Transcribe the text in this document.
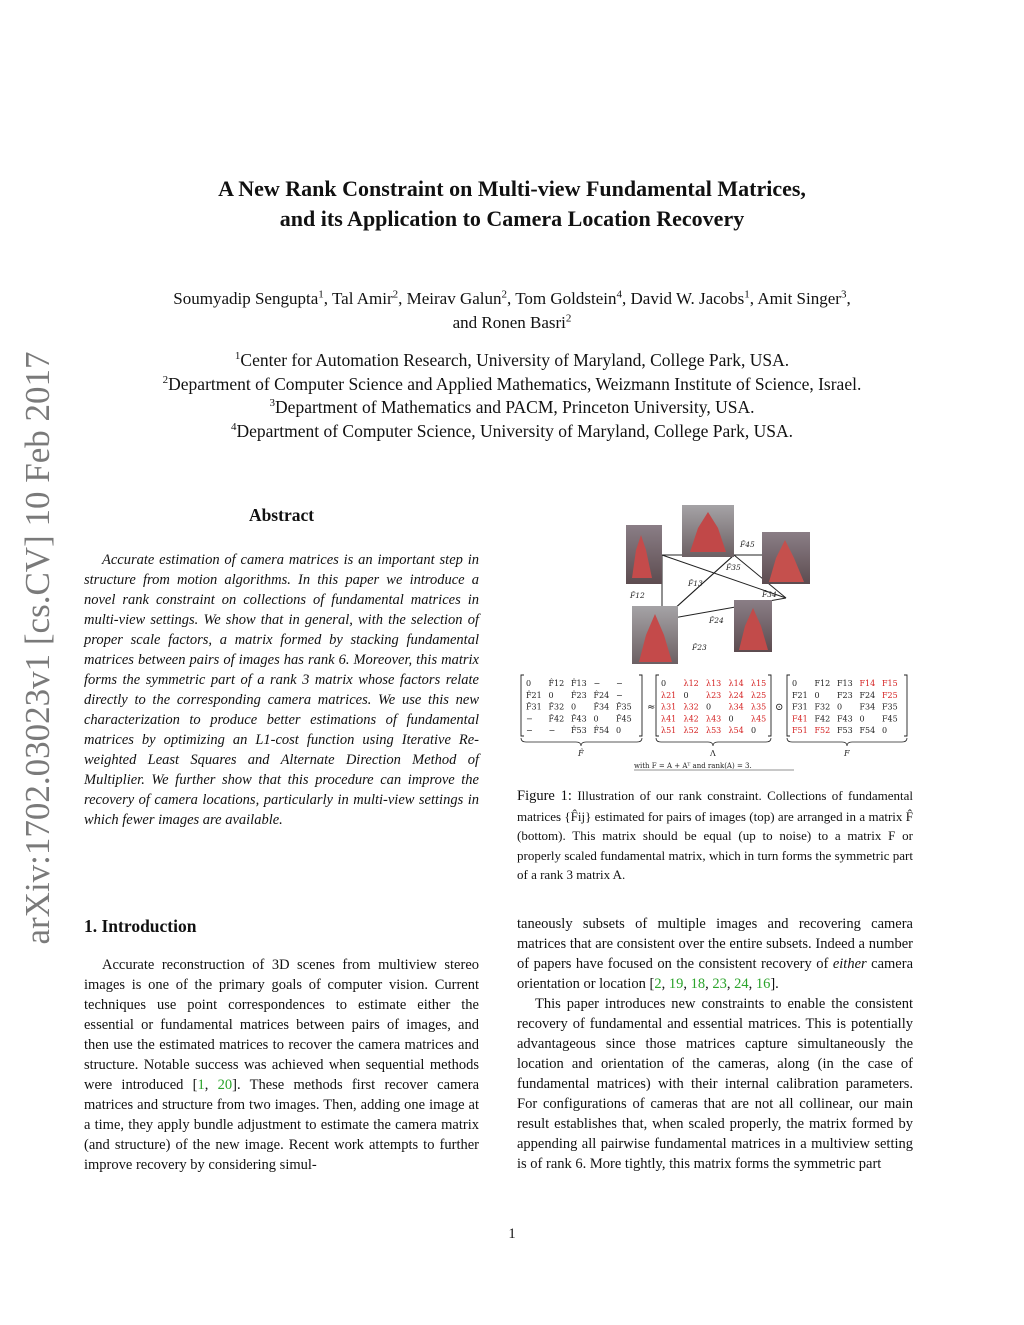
arXiv:1702.03023v1 [cs.CV] 10 Feb 2017
A New Rank Constraint on Multi-view Fundamental Matrices,
and its Application to Camera Location Recovery
Soumyadip Sengupta$^1$, Tal Amir$^2$, Meirav Galun$^2$, Tom Goldstein$^4$, David W. Jacobs$^1$, Amit Singer$^3$,
and Ronen Basri$^2$
$^1$Center for Automation Research, University of Maryland, College Park, USA.
$^2$Department of Computer Science and Applied Mathematics, Weizmann Institute of Science, Israel.
$^3$Department of Mathematics and PACM, Princeton University, USA.
$^4$Department of Computer Science, University of Maryland, College Park, USA.
Abstract
Accurate estimation of camera matrices is an important step in structure from motion algorithms. In this paper we introduce a novel rank constraint on collections of fundamental matrices in multi-view settings. We show that in general, with the selection of proper scale factors, a matrix formed by stacking fundamental matrices between pairs of images has rank 6. Moreover, this matrix forms the symmetric part of a rank 3 matrix whose factors relate directly to the corresponding camera matrices. We use this new characterization to produce better estimations of fundamental matrices by optimizing an L1-cost function using Iterative Re-weighted Least Squares and Alternate Direction Method of Multiplier. We further show that this procedure can improve the recovery of camera locations, particularly in multi-view settings in which fewer images are available.
1. Introduction
Accurate reconstruction of 3D scenes from multiview stereo images is one of the primary goals of computer vision. Current techniques use point correspondences to estimate either the essential or fundamental matrices between pairs of images, and then use the estimated matrices to recover the camera matrices and structure. Notable success was achieved when sequential methods were introduced [1, 20]. These methods first recover camera matrices and structure from two images. Then, adding one image at a time, they apply bundle adjustment to estimate the camera matrix (and structure) of the new image. Recent work attempts to further improve recovery by considering simul-
F̂45
F̂35
F̂13
F̂34
F̂12
F̂24
F̂23
0 F̂12 F̂13 − −
F̂21 0 F̂23 F̂24 −
F̂31 F̂32 0 F̂34 F̂35
− F̂42 F̂43 0 F̂45
− − F̂53 F̂54 0
0 λ12 λ13 λ14 λ15
λ21 0 λ23 λ24 λ25
λ31 λ32 0 λ34 λ35
λ41 λ42 λ43 0 λ45
λ51 λ52 λ53 λ54 0
0 F12 F13 F14 F15
F21 0 F23 F24 F25
F31 F32 0 F34 F35
F41 F42 F43 0 F45
F51 F52 F53 F54 0
≈	⊙
F̂	Λ	F
with F = A + Aᵀ and rank(A) = 3.
Figure 1: Illustration of our rank constraint. Collections of fundamental matrices {F̂ij} estimated for pairs of images (top) are arranged in a matrix F̂ (bottom). This matrix should be equal (up to noise) to a matrix F or properly scaled fundamental matrix, which in turn forms the symmetric part of a rank 3 matrix A.

taneously subsets of multiple images and recovering camera matrices that are consistent over the entire subsets. Indeed a number of papers have focused on the consistent recovery of either camera orientation or location [2, 19, 18, 23, 24, 16].

This paper introduces new constraints to enable the consistent recovery of fundamental and essential matrices. This is potentially advantageous since those matrices capture simultaneously the location and orientation of the cameras, along (in the case of fundamental matrices) with their internal calibration parameters. For configurations of cameras that are not all collinear, our main result establishes that, when scaled properly, the matrix formed by appending all pairwise fundamental matrices in a multiview setting is of rank 6. More tightly, this matrix forms the symmetric part

1
